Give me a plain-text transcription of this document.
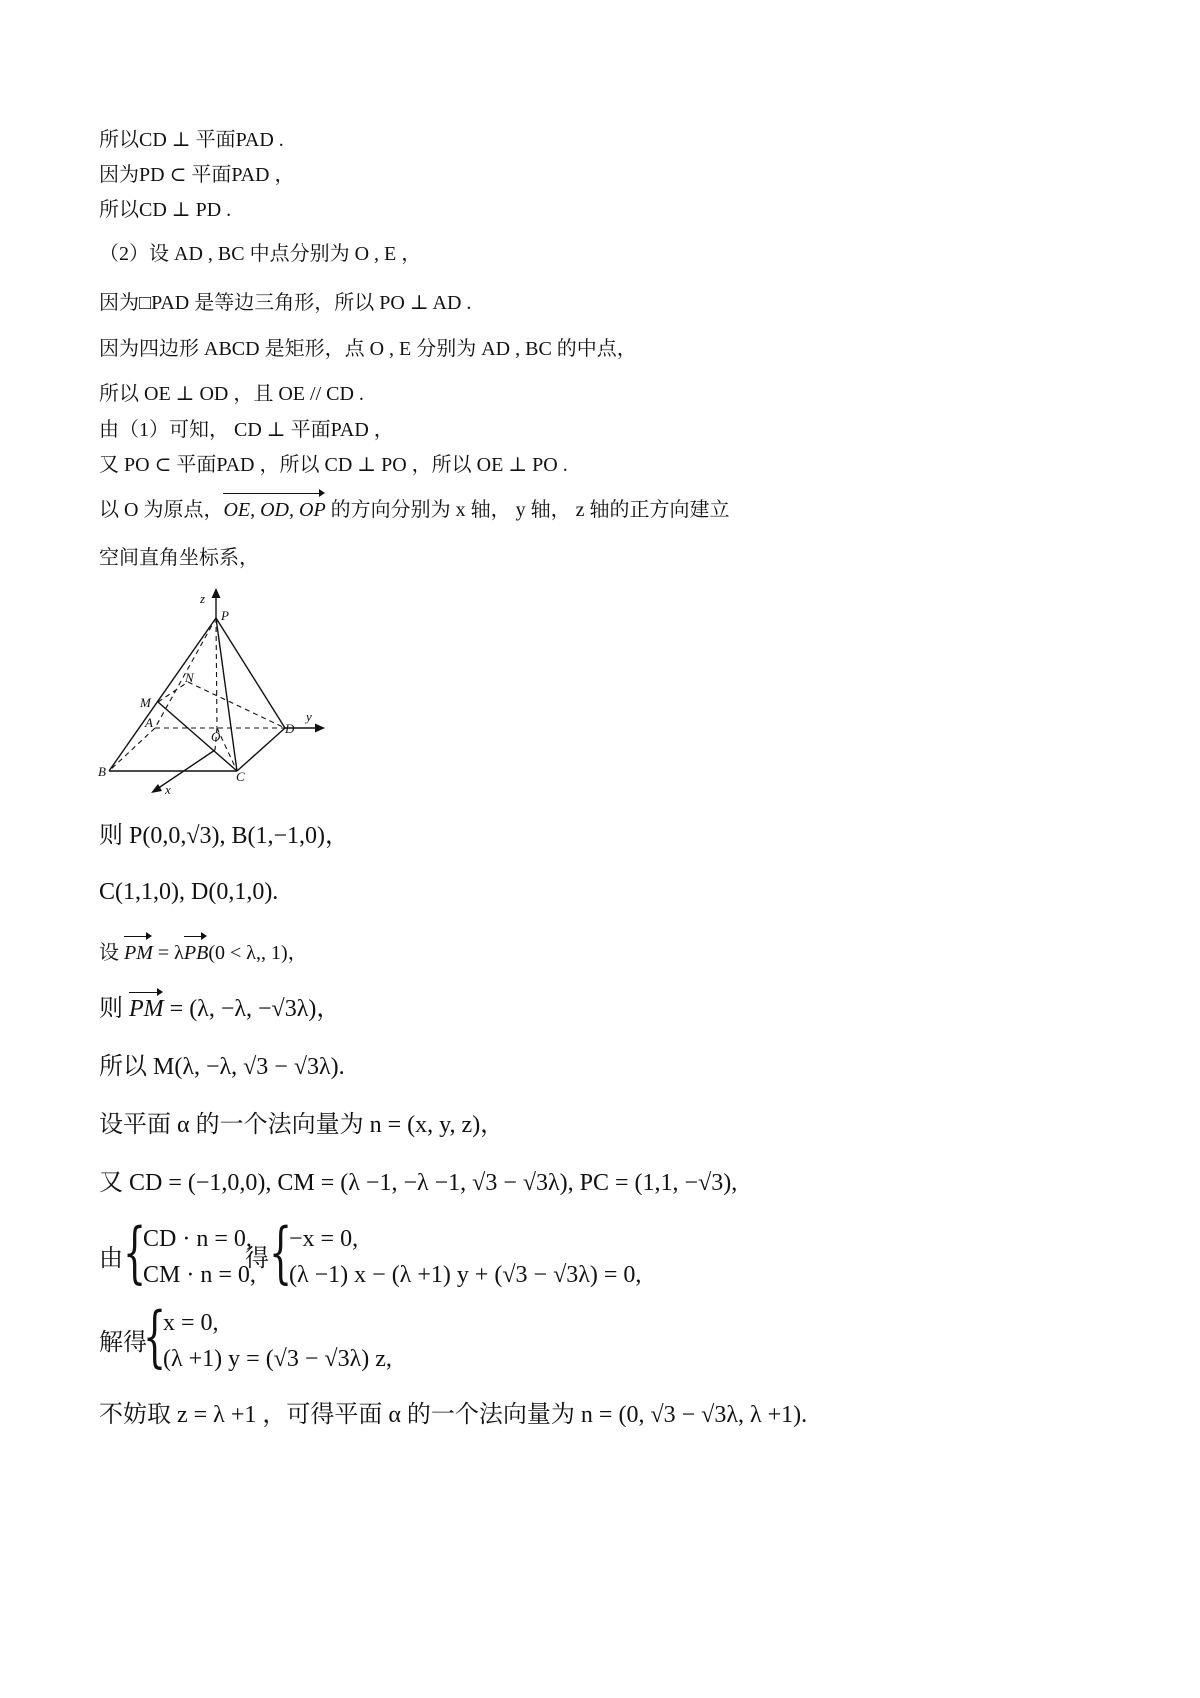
所以CD ⊥ 平面PAD .
因为PD ⊂ 平面PAD ，
所以CD ⊥ PD .
（2）设 AD , BC 中点分别为 O , E ，
因为□PAD 是等边三角形，所以 PO ⊥ AD .
因为四边形 ABCD 是矩形，点 O , E 分别为 AD , BC 的中点，
所以 OE ⊥ OD ，且 OE // CD .
由（1）可知， CD ⊥ 平面PAD ，
又 PO ⊂ 平面PAD ，所以 CD ⊥ PO ，所以 OE ⊥ PO .
以 O 为原点，OE, OD, OP 的方向分别为 x 轴， y 轴， z 轴的正方向建立
空间直角坐标系，
z
P
N
M
A
O
D
y
B	C
x
则 P(0,0,√3), B(1,−1,0)，
C(1,1,0), D(0,1,0).
设 PM = λPB(0 < λ,, 1)，
则 PM = (λ, −λ, −√3λ)，
所以 M(λ, −λ, √3 − √3λ).
设平面 α 的一个法向量为 n = (x, y, z)，
又 CD = (−1,0,0), CM = (λ −1, −λ −1, √3 − √3λ), PC = (1,1, −√3),
由 {
CD · n = 0,
CM · n = 0,
得 {
−x = 0,
(λ −1) x − (λ +1) y + (√3 − √3λ) = 0,
解得
{
x = 0,
(λ +1) y = (√3 − √3λ) z,
不妨取 z = λ +1 ，可得平面 α 的一个法向量为 n = (0, √3 − √3λ, λ +1).
